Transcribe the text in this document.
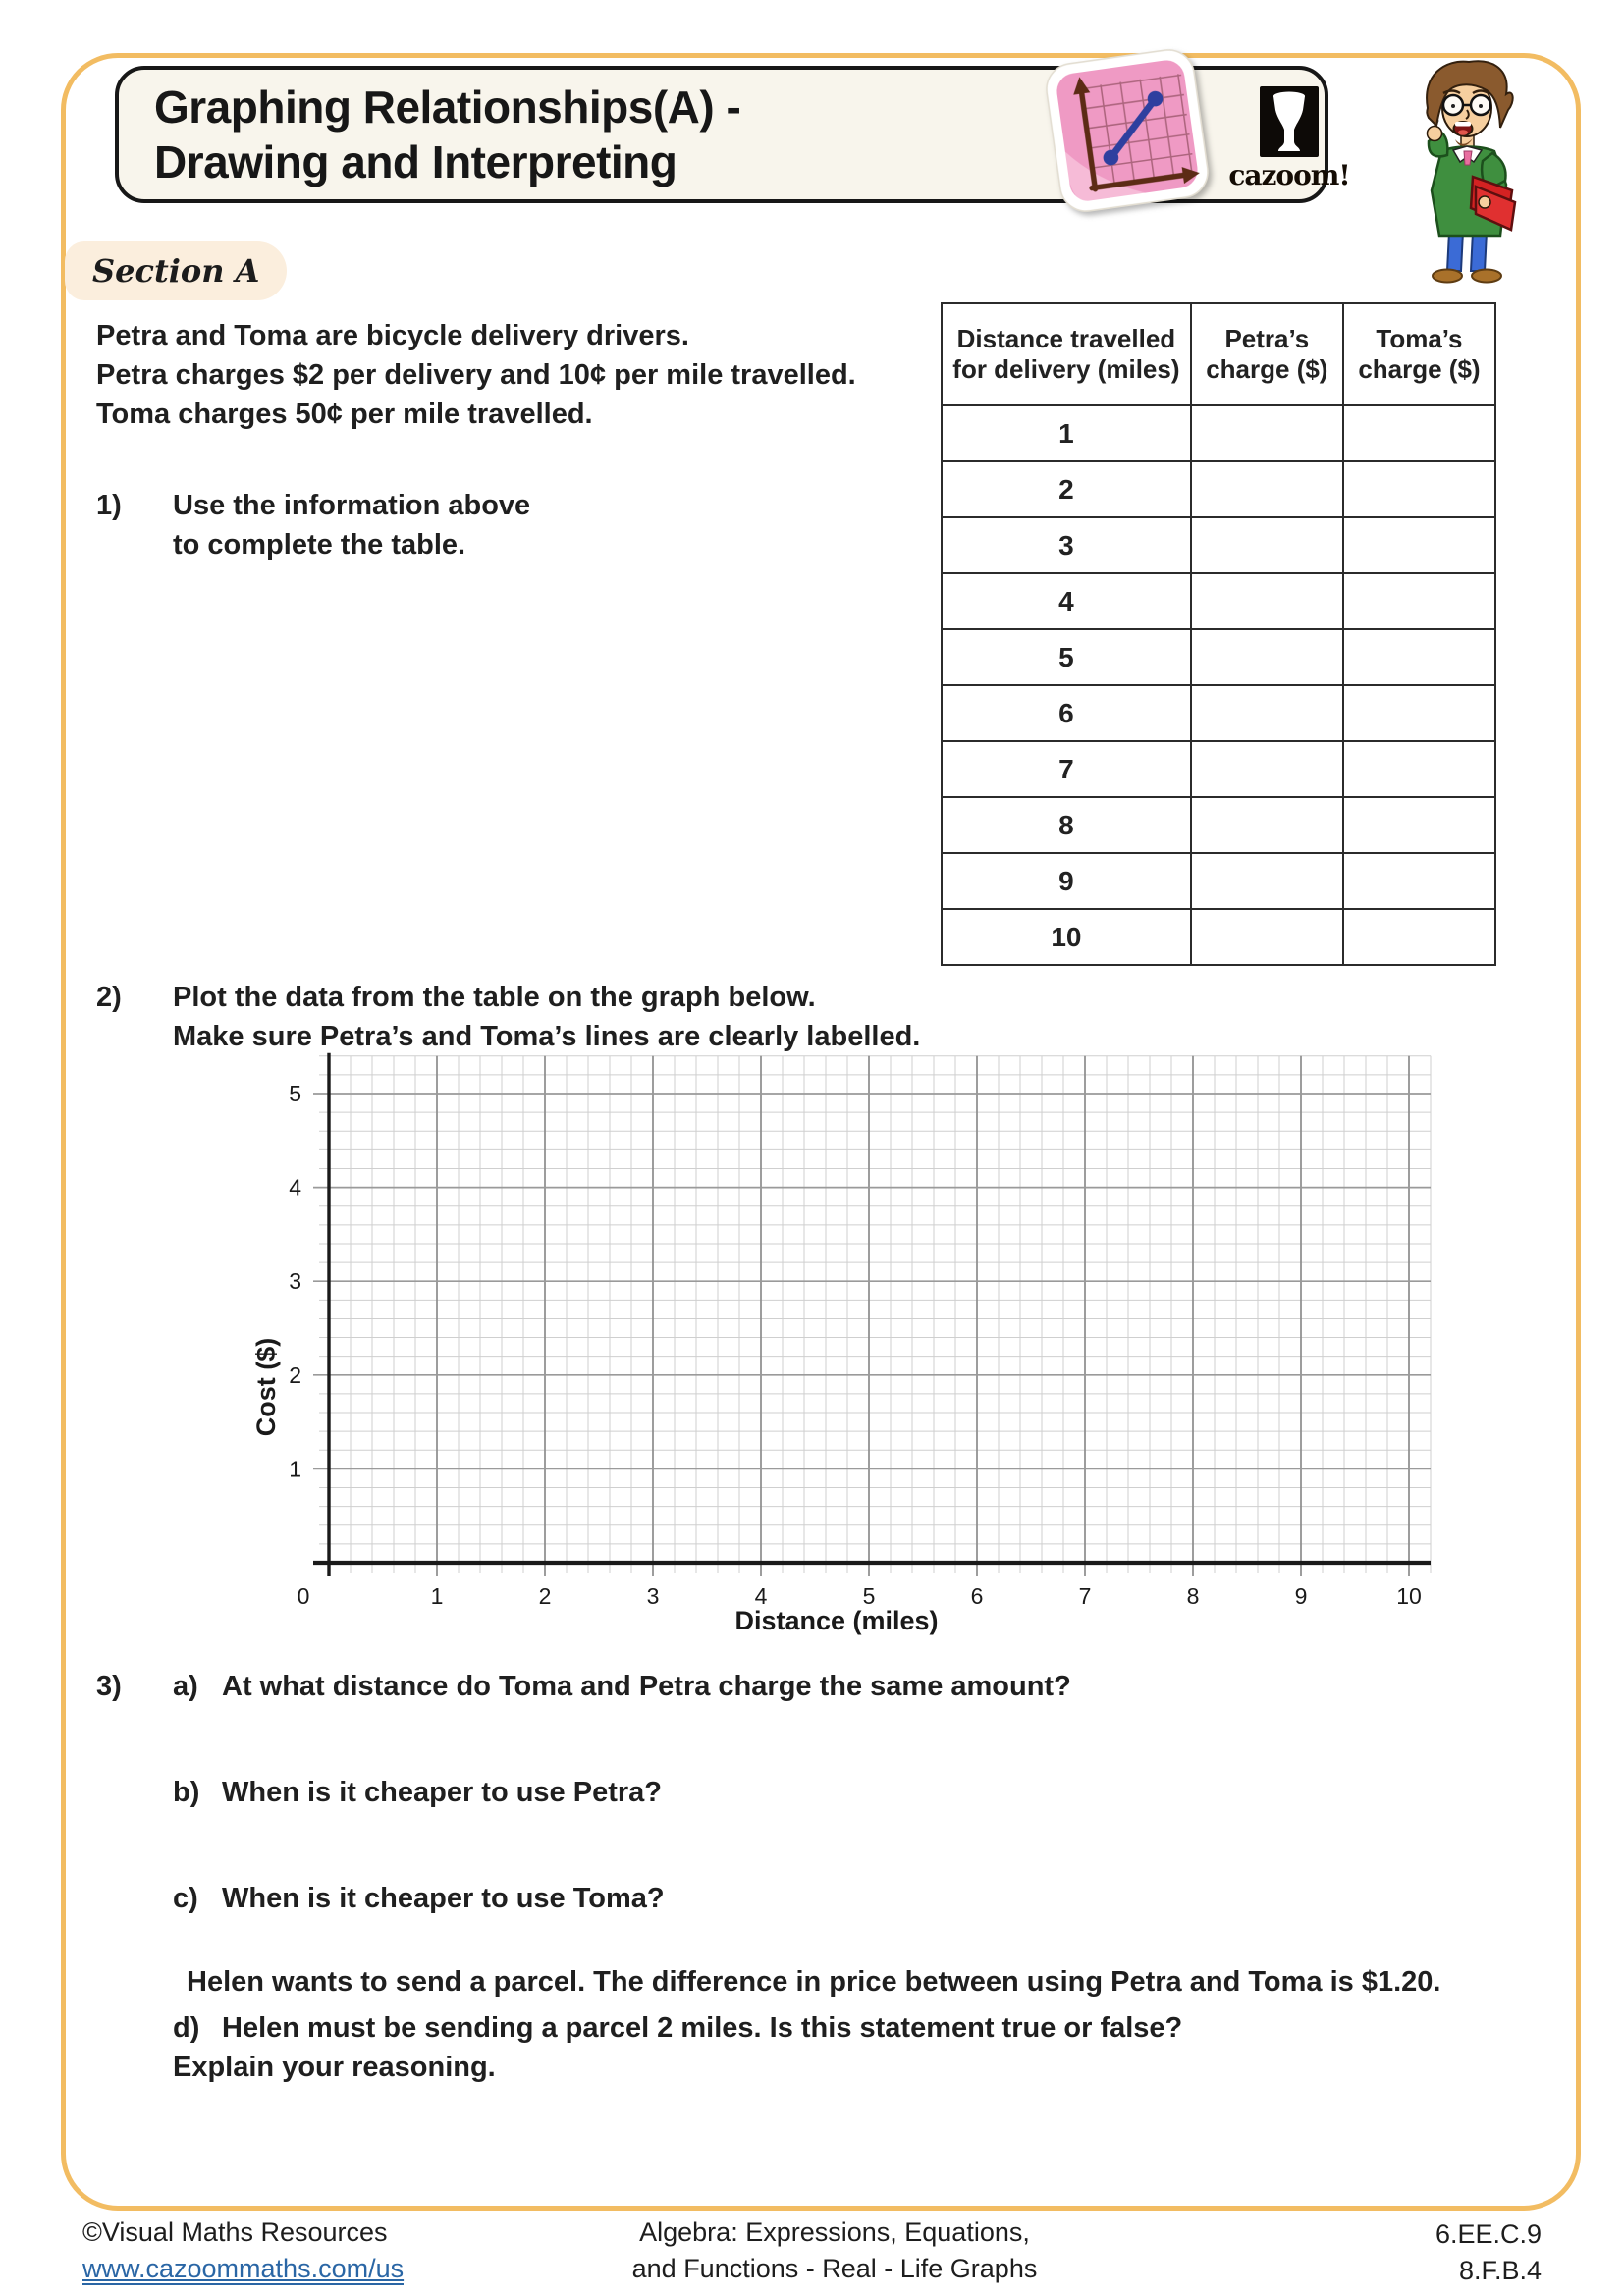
Graphing Relationships(A) -
Drawing and Interpreting	cazoom!
Section A
Petra and Toma are bicycle delivery drivers.
Petra charges $2 per delivery and 10¢ per mile travelled.
Toma charges 50¢ per mile travelled.
1)	Use the information above
to complete the table.
Distance travelled for delivery (miles)	Petra’s charge ($)	Toma’s charge ($)
1		
2		
3		
4		
5		
6		
7		
8		
9		
10		
2)	Plot the data from the table on the graph below.
Make sure Petra’s and Toma’s lines are clearly labelled.
1
2
3
4
5
0	1	2	3	4	5	6	7	8	9	10
Cost ($)
Distance (miles)
3)	a) At what distance do Toma and Petra charge the same amount?
b) When is it cheaper to use Petra?
c) When is it cheaper to use Toma?
Helen wants to send a parcel. The difference in price between using Petra and Toma is $1.20.
d) Helen must be sending a parcel 2 miles. Is this statement true or false?
Explain your reasoning.
©Visual Maths Resources
www.cazoommaths.com/us
Algebra: Expressions, Equations,
and Functions - Real - Life Graphs
6.EE.C.9
8.F.B.4
